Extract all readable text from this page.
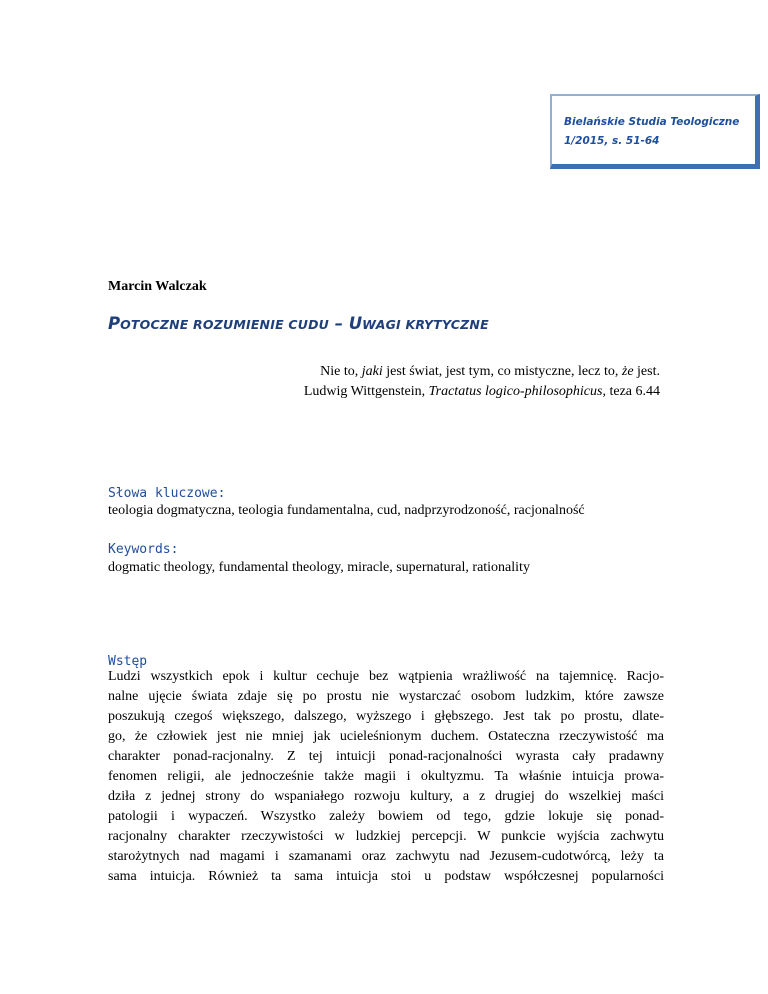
Bielańskie Studia Teologiczne
1/2015, s. 51-64
Marcin Walczak
POTOCZNE ROZUMIENIE CUDU – UWAGI KRYTYCZNE
Nie to, jaki jest świat, jest tym, co mistyczne, lecz to, że jest.
Ludwig Wittgenstein, Tractatus logico-philosophicus, teza 6.44
Słowa kluczowe:
teologia dogmatyczna, teologia fundamentalna, cud, nadprzyrodzoność, racjonalność
Keywords:
dogmatic theology, fundamental theology, miracle, supernatural, rationality
Wstęp
Ludzi wszystkich epok i kultur cechuje bez wątpienia wrażliwość na tajemnicę. Racjo-
nalne ujęcie świata zdaje się po prostu nie wystarczać osobom ludzkim, które zawsze
poszukują czegoś większego, dalszego, wyższego i głębszego. Jest tak po prostu, dlate-
go, że człowiek jest nie mniej jak ucieleśnionym duchem. Ostateczna rzeczywistość ma
charakter ponad-racjonalny. Z tej intuicji ponad-racjonalności wyrasta cały pradawny
fenomen religii, ale jednocześnie także magii i okultyzmu. Ta właśnie intuicja prowa-
dziła z jednej strony do wspaniałego rozwoju kultury, a z drugiej do wszelkiej maści
patologii i wypaczeń. Wszystko zależy bowiem od tego, gdzie lokuje się ponad-
racjonalny charakter rzeczywistości w ludzkiej percepcji. W punkcie wyjścia zachwytu
starożytnych nad magami i szamanami oraz zachwytu nad Jezusem-cudotwórcą, leży ta
sama intuicja. Również ta sama intuicja stoi u podstaw współczesnej popularności
